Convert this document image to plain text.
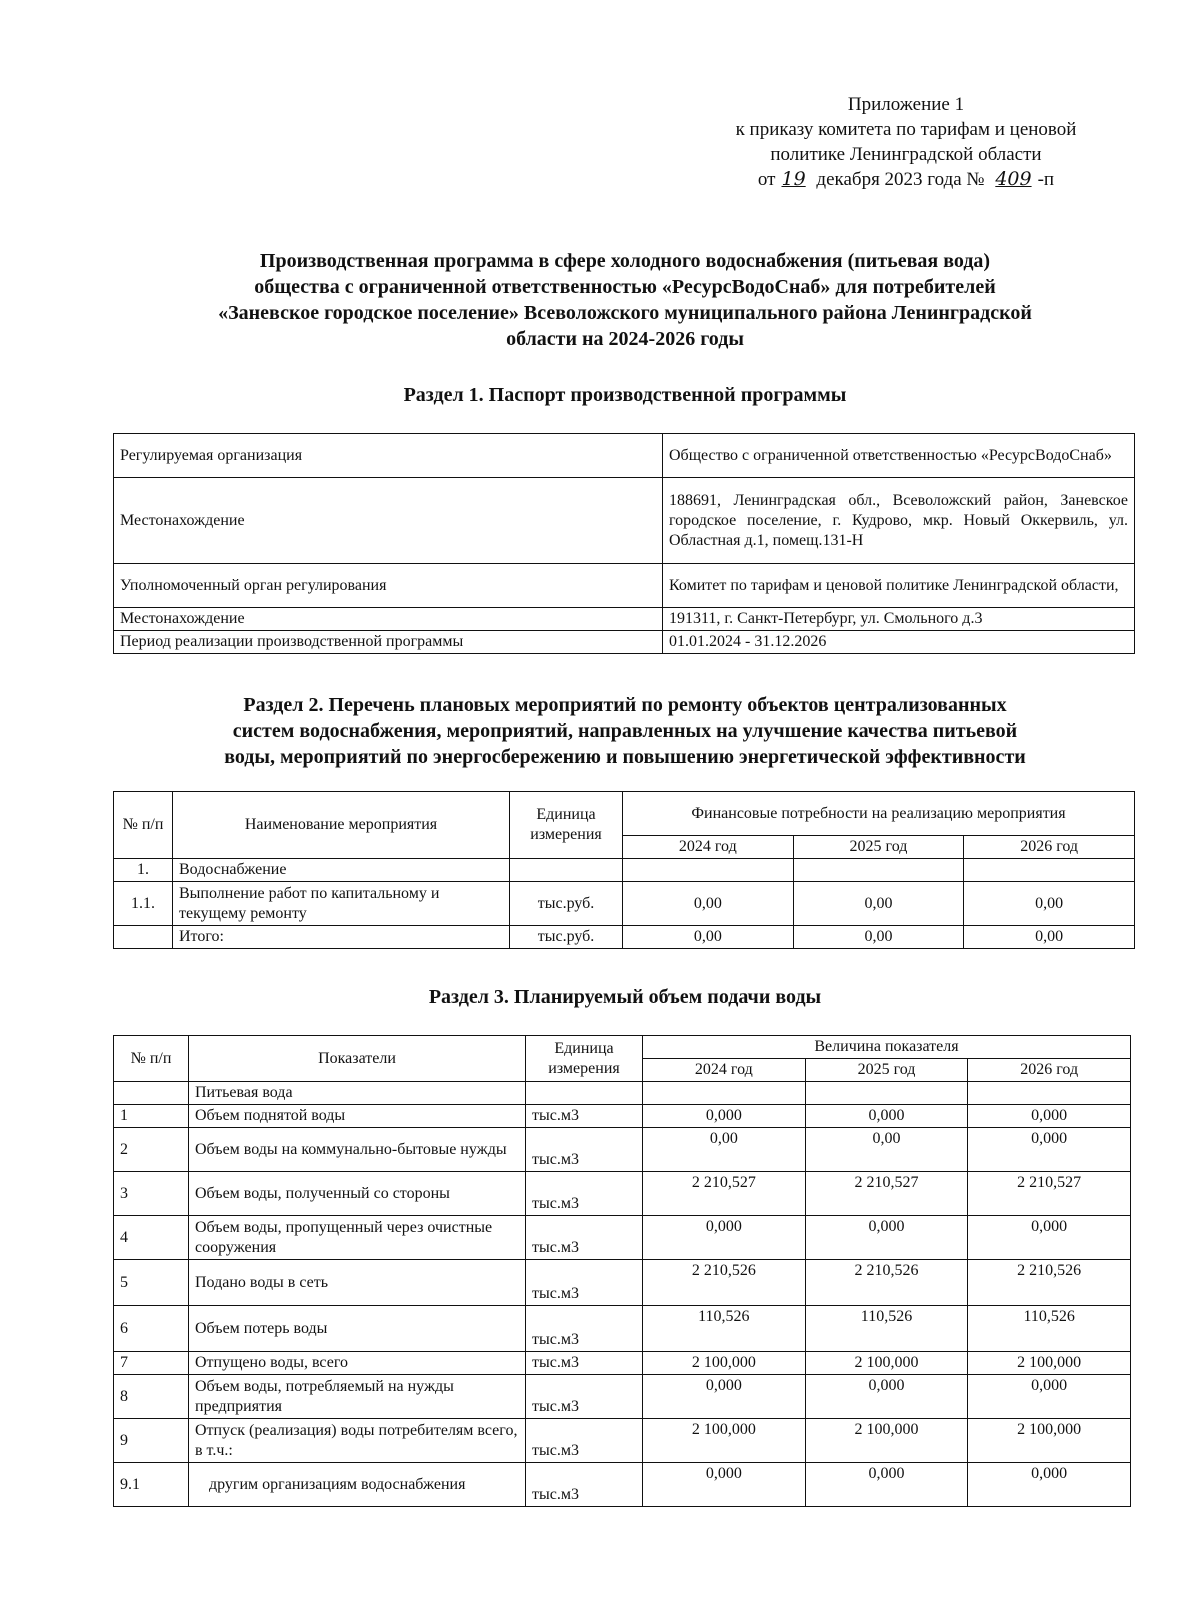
Приложение 1
к приказу комитета по тарифам и ценовой
политике Ленинградской области
от 19 декабря 2023 года № 409 -п
Производственная программа в сфере холодного водоснабжения (питьевая вода)
общества с ограниченной ответственностью «РесурсВодоСнаб» для потребителей
«Заневское городское поселение» Всеволожского муниципального района Ленинградской
области на 2024-2026 годы
Раздел 1. Паспорт производственной программы
Регулируемая организация	Общество с ограниченной ответственностью «РесурсВодоСнаб»
Местонахождение	188691, Ленинградская обл., Всеволожский район, Заневское городское поселение, г. Кудрово, мкр. Новый Оккервиль, ул. Областная д.1, помещ.131-Н
Уполномоченный орган регулирования	Комитет по тарифам и ценовой политике Ленинградской области,
Местонахождение	191311, г. Санкт-Петербург, ул. Смольного д.3
Период реализации производственной программы	01.01.2024 - 31.12.2026
Раздел 2. Перечень плановых мероприятий по ремонту объектов централизованных
систем водоснабжения, мероприятий, направленных на улучшение качества питьевой
воды, мероприятий по энергосбережению и повышению энергетической эффективности
№ п/п	Наименование мероприятия	Единица измерения	Финансовые потребности на реализацию мероприятия		
			2024 год	2025 год	2026 год
1.	Водоснабжение				
1.1.	Выполнение работ по капитальному и текущему ремонту	тыс.руб.	0,00	0,00	0,00
	Итого:	тыс.руб.	0,00	0,00	0,00
Раздел 3. Планируемый объем подачи воды
№ п/п	Показатели	Единица измерения	Величина показателя		
			2024 год	2025 год	2026 год
	Питьевая вода				
1	Объем поднятой воды	тыс.м3	0,000	0,000	0,000
2	Объем воды на коммунально-бытовые нужды	тыс.м3	0,00	0,00	0,000
3	Объем воды, полученный со стороны	тыс.м3	2 210,527	2 210,527	2 210,527
4	Объем воды, пропущенный через очистные сооружения	тыс.м3	0,000	0,000	0,000
5	Подано воды в сеть	тыс.м3	2 210,526	2 210,526	2 210,526
6	Объем потерь воды	тыс.м3	110,526	110,526	110,526
7	Отпущено воды, всего	тыс.м3	2 100,000	2 100,000	2 100,000
8	Объем воды, потребляемый на нужды предприятия	тыс.м3	0,000	0,000	0,000
9	Отпуск (реализация) воды потребителям всего, в т.ч.:	тыс.м3	2 100,000	2 100,000	2 100,000
9.1	другим организациям водоснабжения	тыс.м3	0,000	0,000	0,000
